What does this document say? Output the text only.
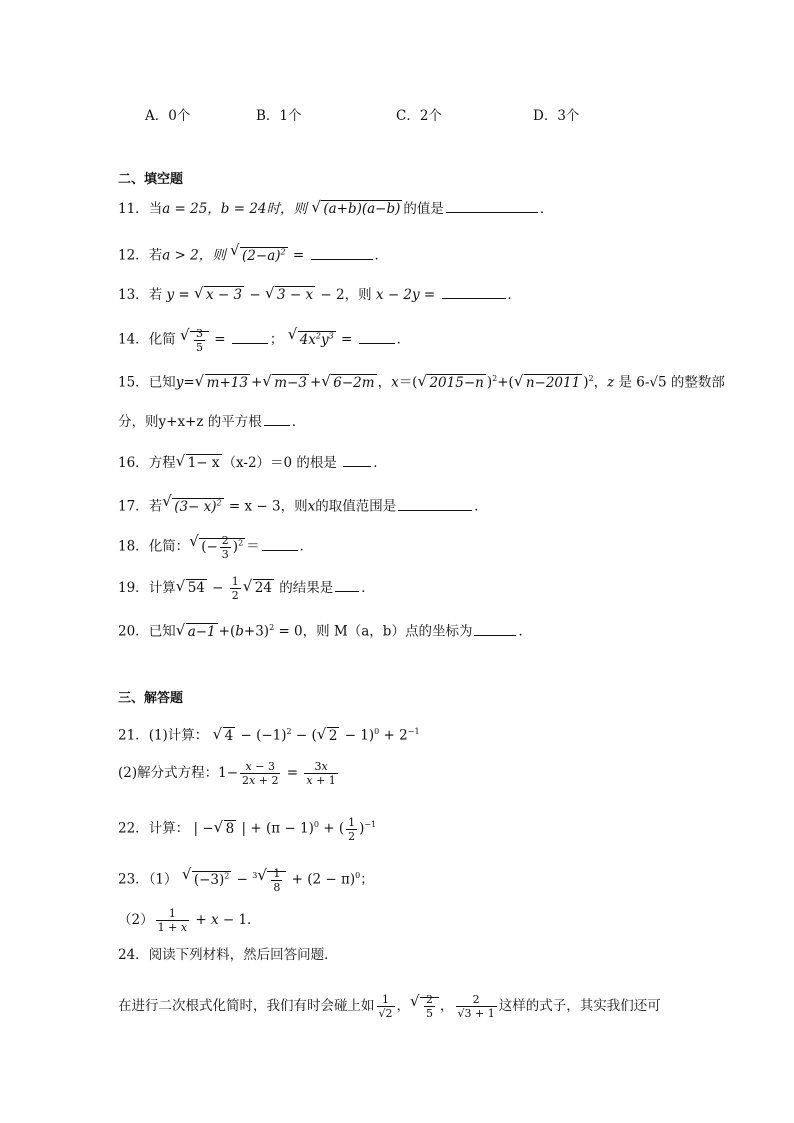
A．0个	B．1个	C．2个	D．3个
二、填空题
11．当a = 25，b = 24时，则 √ (a+b)(a−b) 的值是	．
12．若a > 2，则 √ $(2-a)^2$ =	．
13．若 y = √ x − 3 − √ 3 − x − 2，则 x − 2y =	．
14．化简 √ $\frac{3}{5}$ =	； √ $4x^2y^3$ =	．
15．已知y= √ m+13 + √ m−3 + √ 6−2m ，x＝( √ 2015−n )$^2$+( √ n−2011 )$^2$，z 是 6-√5 的整数部
分，则y+x+z 的平方根 ．
16．方程 √ 1− x （x-2）＝0 的根是	．
17．若 √ $(3- x)^2 = x - 3$，则x的取值范围是	．
18．化简： √ (− $\frac{2}{3} )^2$ ＝	．
19．计算 √ $54 - \frac{1}{2}$ √ 24 的结果是 ．
20．已知 √ $a-1 +(b+3)^2 = 0$，则 M（a，b）点的坐标为	．
三、解答题
21．(1)计算： √ $4 - (-1)^2$ − ( √ $2 - 1)^0 + 2^{-1}$
(2)解分式方程：$1- \frac{x - 3}{2x + 2} = \frac{3x}{x + 1}$
22．计算： | − √ 8 | + $(\pi - 1)^0$ + ( $\frac{1}{2} )^{-1}$
23．（1） √ $(-3)^2 - ^3$ √ $\frac{1}{8} + (2 - \pi)^0$；
$(2) \frac{1}{1 + x} + x - 1$．
24．阅读下列材料，然后回答问题．
在进行二次根式化简时，我们有时会碰上如 $\frac{1}{√2}$ ， √ $\frac{2}{5}$ ， $\frac{2}{√3 + 1}$ 这样的式子，其实我们还可
